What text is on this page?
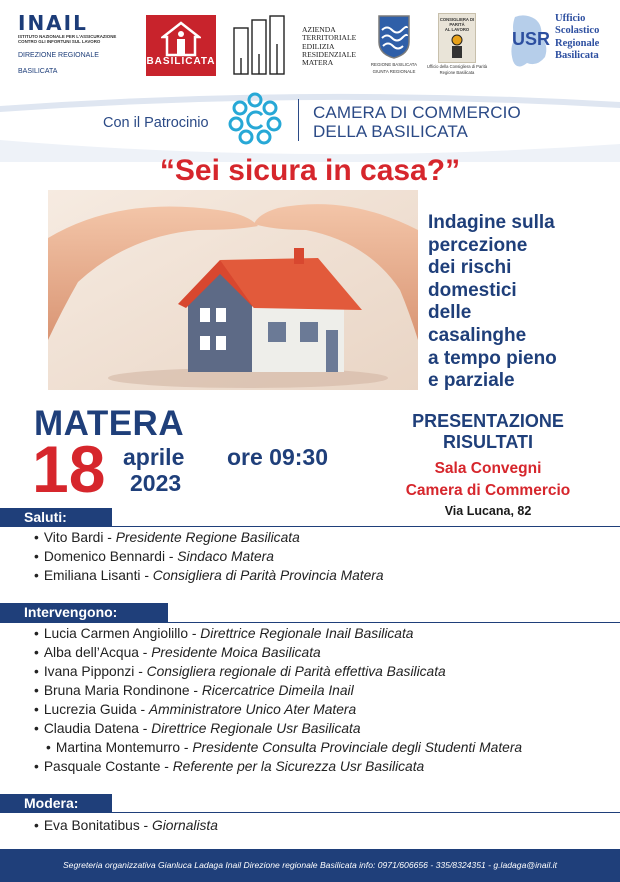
INAIL
ISTITUTO NAZIONALE PER L'ASSICURAZIONE
CONTRO GLI INFORTUNI SUL LAVORO
DIREZIONE REGIONALE
BASILICATA
BASILICATA
AZIENDA
TERRITORIALE
EDILIZIA
RESIDENZIALE
MATERA	REGIONE BASILICATA
GIUNTA REGIONALE
CONSIGLIERA DI PARITÀ
AL LAVORO
Ufficio della Consigliera di Parità
Regione Basilicata
USR
Ufficio
Scolastico
Regionale
Basilicata
Con il Patrocinio
CAMERA DI COMMERCIO
DELLA BASILICATA
“Sei sicura in casa?”
Indagine sulla
percezione
dei rischi
domestici
delle
casalinghe
a tempo pieno
e parziale
MATERA
18 aprile
2023
ore 09:30
PRESENTAZIONE
RISULTATI
Sala Convegni
Camera di Commercio
Via Lucana, 82
Saluti:
• Vito Bardi - Presidente Regione Basilicata
• Domenico Bennardi - Sindaco Matera
• Emiliana Lisanti - Consigliera di Parità Provincia Matera
Intervengono:
• Lucia Carmen Angiolillo - Direttrice Regionale Inail Basilicata
• Alba dell’Acqua - Presidente Moica Basilicata
• Ivana Pipponzi - Consigliera regionale di Parità effettiva Basilicata
• Bruna Maria Rondinone - Ricercatrice Dimeila Inail
• Lucrezia Guida - Amministratore Unico Ater Matera
• Claudia Datena - Direttrice Regionale Usr Basilicata
• Martina Montemurro - Presidente Consulta Provinciale degli Studenti Matera
• Pasquale Costante - Referente per la Sicurezza Usr Basilicata
Modera:
• Eva Bonitatibus - Giornalista
Segreteria organizzativa Gianluca Ladaga Inail Direzione regionale Basilicata info: 0971/606656 - 335/8324351 - g.ladaga@inail.it
